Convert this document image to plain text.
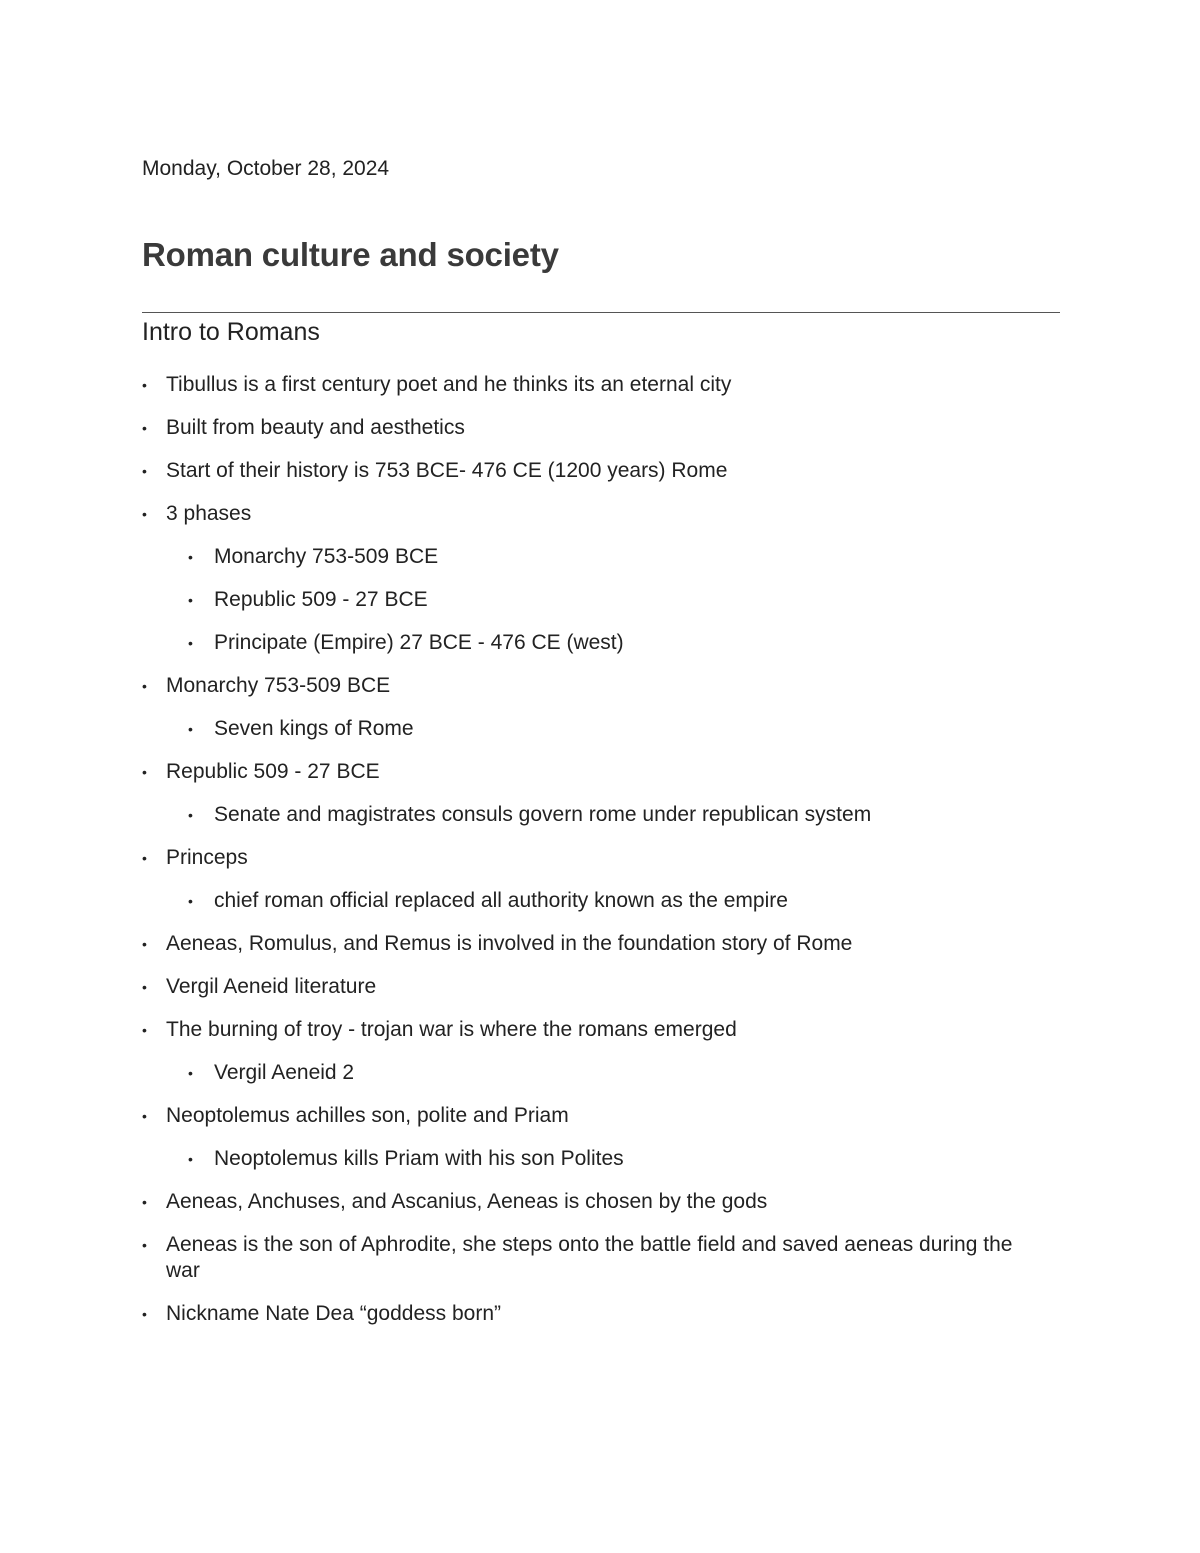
Monday, October 28, 2024
Roman culture and society
Intro to Romans
• Tibullus is a first century poet and he thinks its an eternal city
• Built from beauty and aesthetics
• Start of their history is 753 BCE- 476 CE (1200 years) Rome
• 3 phases
•	Monarchy 753-509 BCE
•	Republic 509 - 27 BCE
•	Principate (Empire) 27 BCE - 476 CE (west)
• Monarchy 753-509 BCE
•	Seven kings of Rome
• Republic 509 - 27 BCE
•	Senate and magistrates consuls govern rome under republican system
• Princeps
•	chief roman official replaced all authority known as the empire
• Aeneas, Romulus, and Remus is involved in the foundation story of Rome
• Vergil Aeneid literature
• The burning of troy - trojan war is where the romans emerged
•	Vergil Aeneid 2
• Neoptolemus achilles son, polite and Priam
•	Neoptolemus kills Priam with his son Polites
• Aeneas, Anchuses, and Ascanius, Aeneas is chosen by the gods
• Aeneas is the son of Aphrodite, she steps onto the battle field and saved aeneas during the war
• Nickname Nate Dea “goddess born”
